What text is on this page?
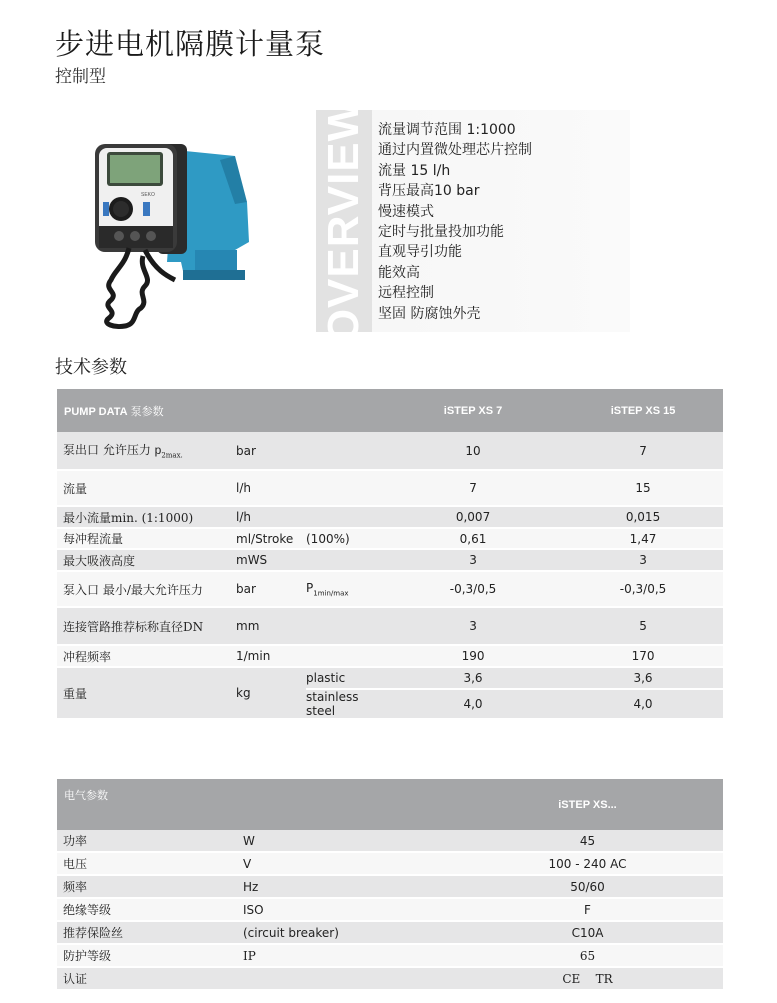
步进电机隔膜计量泵
控制型
SEKO	OVERVIEW 流量调节范围 1:1000
通过内置微处理芯片控制
流量 15 l/h
背压最高10 bar
慢速模式
定时与批量投加功能
直观导引功能
能效高
远程控制
坚固 防腐蚀外壳
技术参数
PUMP DATA 泵参数			iSTEP XS 7	iSTEP XS 15
泵出口 允许压力 $p_{2max.}$	bar		10	7
流量	l/h		7	15
最小流量min. (1:1000)	l/h		0,007	0,015
每冲程流量	ml/Stroke	(100%)	0,61	1,47
最大吸液高度	mWS		3	3
泵入口 最小/最大允许压力	bar	$P_{1min/max}$	-0,3/0,5	-0,3/0,5
连接管路推荐标称直径DN	mm		3	5
冲程频率	1/min		190	170
重量	kg	plastic	3,6	3,6
		stainless steel	4,0	4,0
电气参数		iSTEP XS...
功率	W	45
电压	V	100 - 240 AC
频率	Hz	50/60
绝缘等级	ISO	F
推荐保险丝	(circuit breaker)	C10A
防护等级	IP	65
认证		CE    TR
